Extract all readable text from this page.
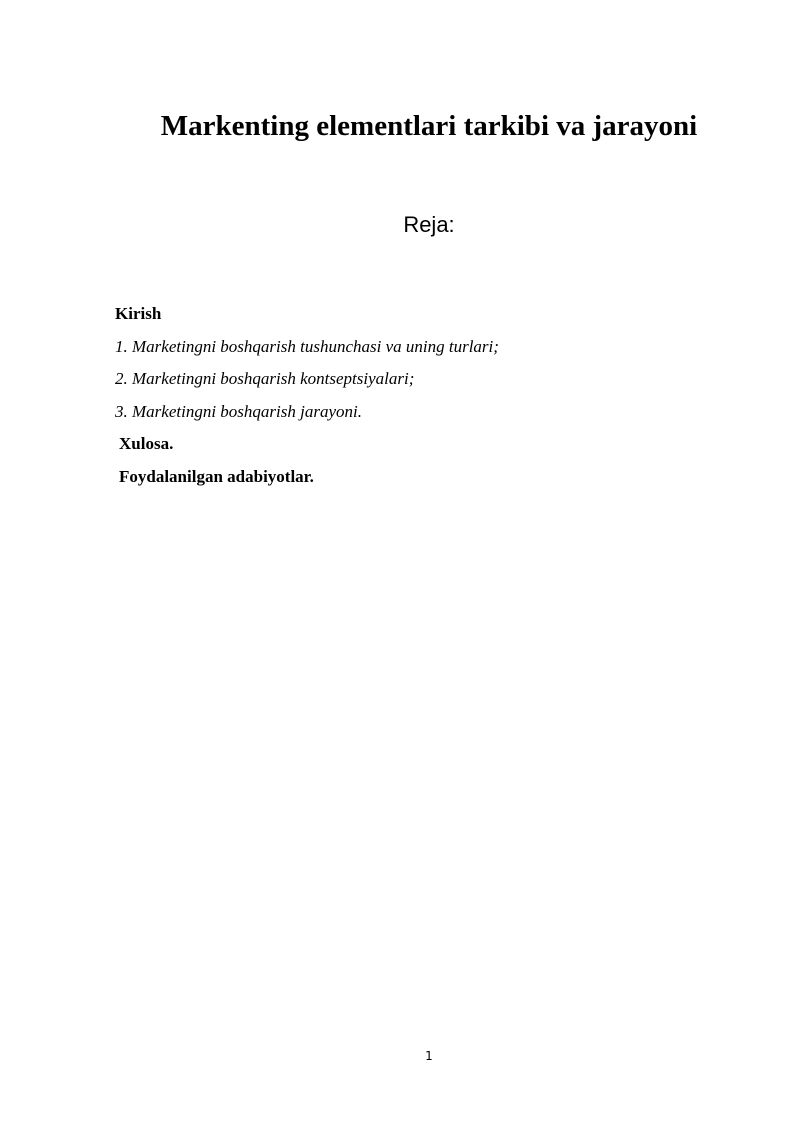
Markenting elementlari tarkibi va jarayoni

Reja:

Kirish
1. Marketingni boshqarish tushunchasi va uning turlari;
2. Marketingni boshqarish kontseptsiyalari;
3. Marketingni boshqarish jarayoni.
Xulosa.
Foydalanilgan adabiyotlar.
1
